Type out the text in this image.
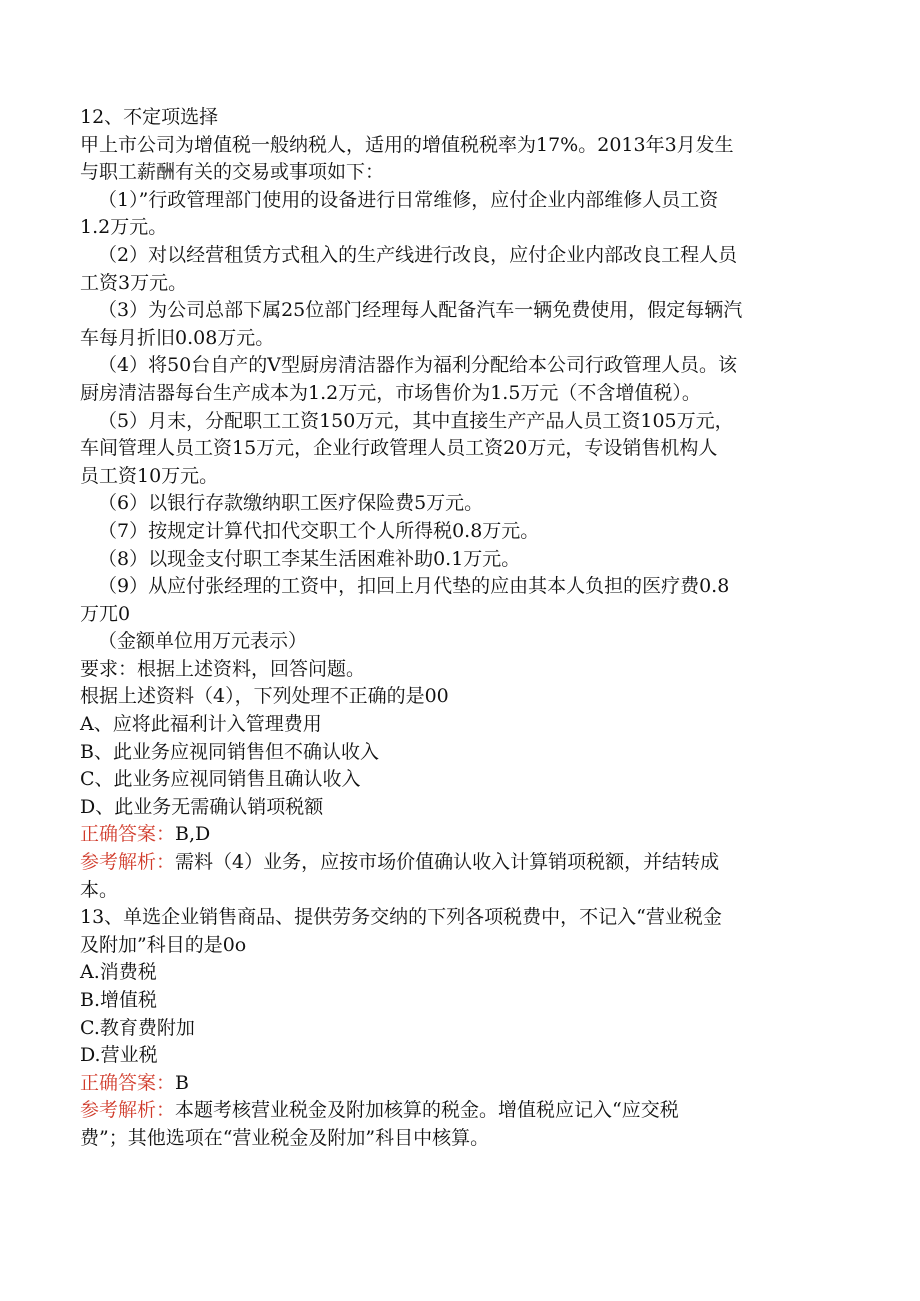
12、不定项选择

甲上市公司为增值税一般纳税人，适用的增值税税率为17%。2013年3月发生

与职工薪酬有关的交易或事项如下：

（1）”行政管理部门使用的设备进行日常维修，应付企业内部维修人员工资

1.2万元。

（2）对以经营租赁方式租入的生产线进行改良，应付企业内部改良工程人员

工资3万元。

（3）为公司总部下属25位部门经理每人配备汽车一辆免费使用，假定每辆汽

车每月折旧0.08万元。

（4）将50台自产的V型厨房清洁器作为福利分配给本公司行政管理人员。该

厨房清洁器每台生产成本为1.2万元，市场售价为1.5万元（不含增值税）。

（5）月末，分配职工工资150万元，其中直接生产产品人员工资105万元，

车间管理人员工资15万元，企业行政管理人员工资20万元，专设销售机构人

员工资10万元。

（6）以银行存款缴纳职工医疗保险费5万元。

（7）按规定计算代扣代交职工个人所得税0.8万元。

（8）以现金支付职工李某生活困难补助0.1万元。

（9）从应付张经理的工资中，扣回上月代垫的应由其本人负担的医疗费0.8

万兀0

（金额单位用万元表示）

要求：根据上述资料，回答问题。

根据上述资料（4），下列处理不正确的是00

A、应将此福利计入管理费用

B、此业务应视同销售但不确认收入

C、此业务应视同销售且确认收入

D、此业务无需确认销项税额

正确答案：B,D

参考解析：需料（4）业务，应按市场价值确认收入计算销项税额，并结转成

本。

13、单选企业销售商品、提供劳务交纳的下列各项税费中，不记入“营业税金

及附加”科目的是0o

A.消费税

B.增值税

C.教育费附加

D.营业税

正确答案：B

参考解析：本题考核营业税金及附加核算的税金。增值税应记入“应交税

费”；其他选项在“营业税金及附加”科目中核算。
